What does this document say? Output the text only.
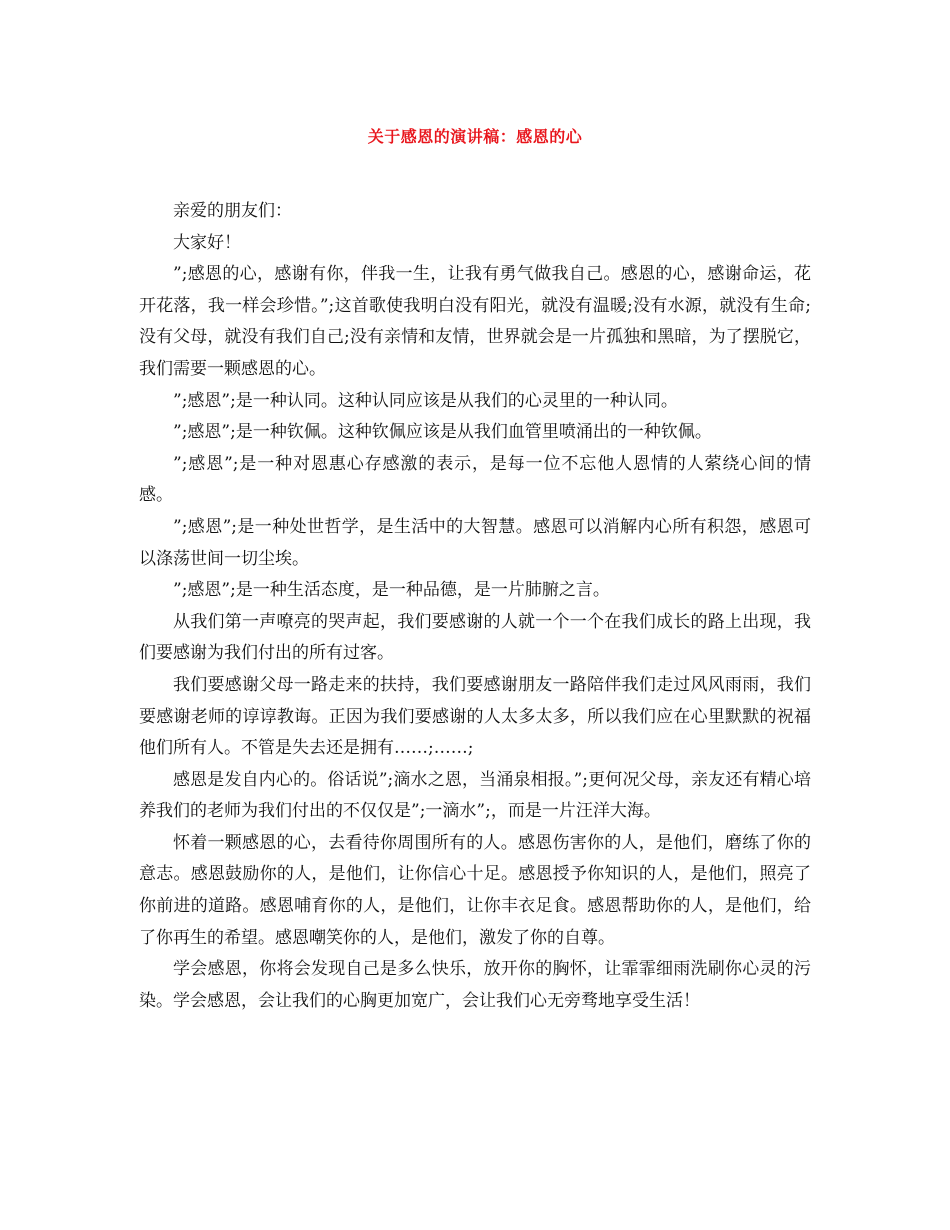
关于感恩的演讲稿：感恩的心

亲爱的朋友们：

大家好！

”;感恩的心，感谢有你，伴我一生，让我有勇气做我自己。感恩的心，感谢命运，花开花落，我一样会珍惜。”;这首歌使我明白没有阳光，就没有温暖;没有水源，就没有生命;没有父母，就没有我们自己;没有亲情和友情，世界就会是一片孤独和黑暗，为了摆脱它，我们需要一颗感恩的心。

”;感恩”;是一种认同。这种认同应该是从我们的心灵里的一种认同。

”;感恩”;是一种钦佩。这种钦佩应该是从我们血管里喷涌出的一种钦佩。

”;感恩”;是一种对恩惠心存感激的表示，是每一位不忘他人恩情的人萦绕心间的情感。

”;感恩”;是一种处世哲学，是生活中的大智慧。感恩可以消解内心所有积怨，感恩可以涤荡世间一切尘埃。

”;感恩”;是一种生活态度，是一种品德，是一片肺腑之言。

从我们第一声嘹亮的哭声起，我们要感谢的人就一个一个在我们成长的路上出现，我们要感谢为我们付出的所有过客。

我们要感谢父母一路走来的扶持，我们要感谢朋友一路陪伴我们走过风风雨雨，我们要感谢老师的谆谆教诲。正因为我们要感谢的人太多太多，所以我们应在心里默默的祝福他们所有人。不管是失去还是拥有……;……;

感恩是发自内心的。俗话说”;滴水之恩，当涌泉相报。”;更何况父母，亲友还有精心培养我们的老师为我们付出的不仅仅是”;一滴水”;，而是一片汪洋大海。

怀着一颗感恩的心，去看待你周围所有的人。感恩伤害你的人，是他们，磨练了你的意志。感恩鼓励你的人，是他们，让你信心十足。感恩授予你知识的人，是他们，照亮了你前进的道路。感恩哺育你的人，是他们，让你丰衣足食。感恩帮助你的人，是他们，给了你再生的希望。感恩嘲笑你的人，是他们，激发了你的自尊。

学会感恩，你将会发现自己是多么快乐，放开你的胸怀，让霏霏细雨洗刷你心灵的污染。学会感恩，会让我们的心胸更加宽广，会让我们心无旁骛地享受生活！
